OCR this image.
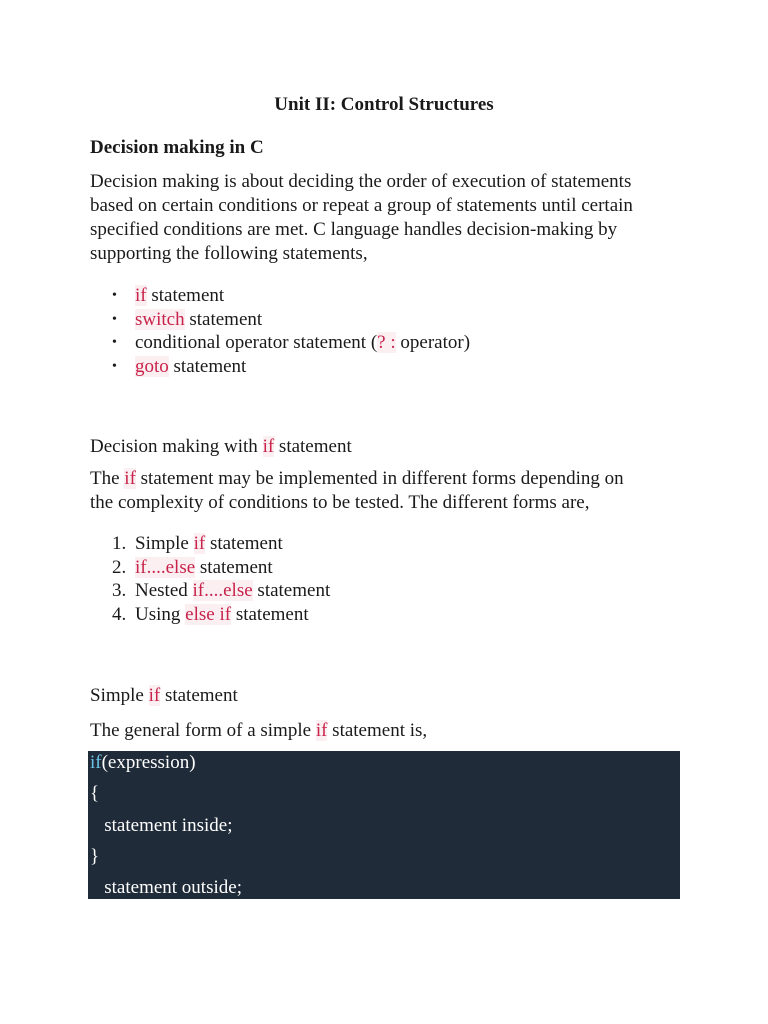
Unit II: Control Structures
Decision making in C

Decision making is about deciding the order of execution of statements

based on certain conditions or repeat a group of statements until certain

specified conditions are met. C language handles decision-making by

supporting the following statements,

• if statement
• switch statement
• conditional operator statement (? : operator)
• goto statement
Decision making with if statement

The if statement may be implemented in different forms depending on

the complexity of conditions to be tested. The different forms are,

1. Simple if statement
2. if....else statement
3. Nested if....else statement
4. Using else if statement
Simple if statement
The general form of a simple if statement is,
if(expression)
{
statement inside;
}
statement outside;
